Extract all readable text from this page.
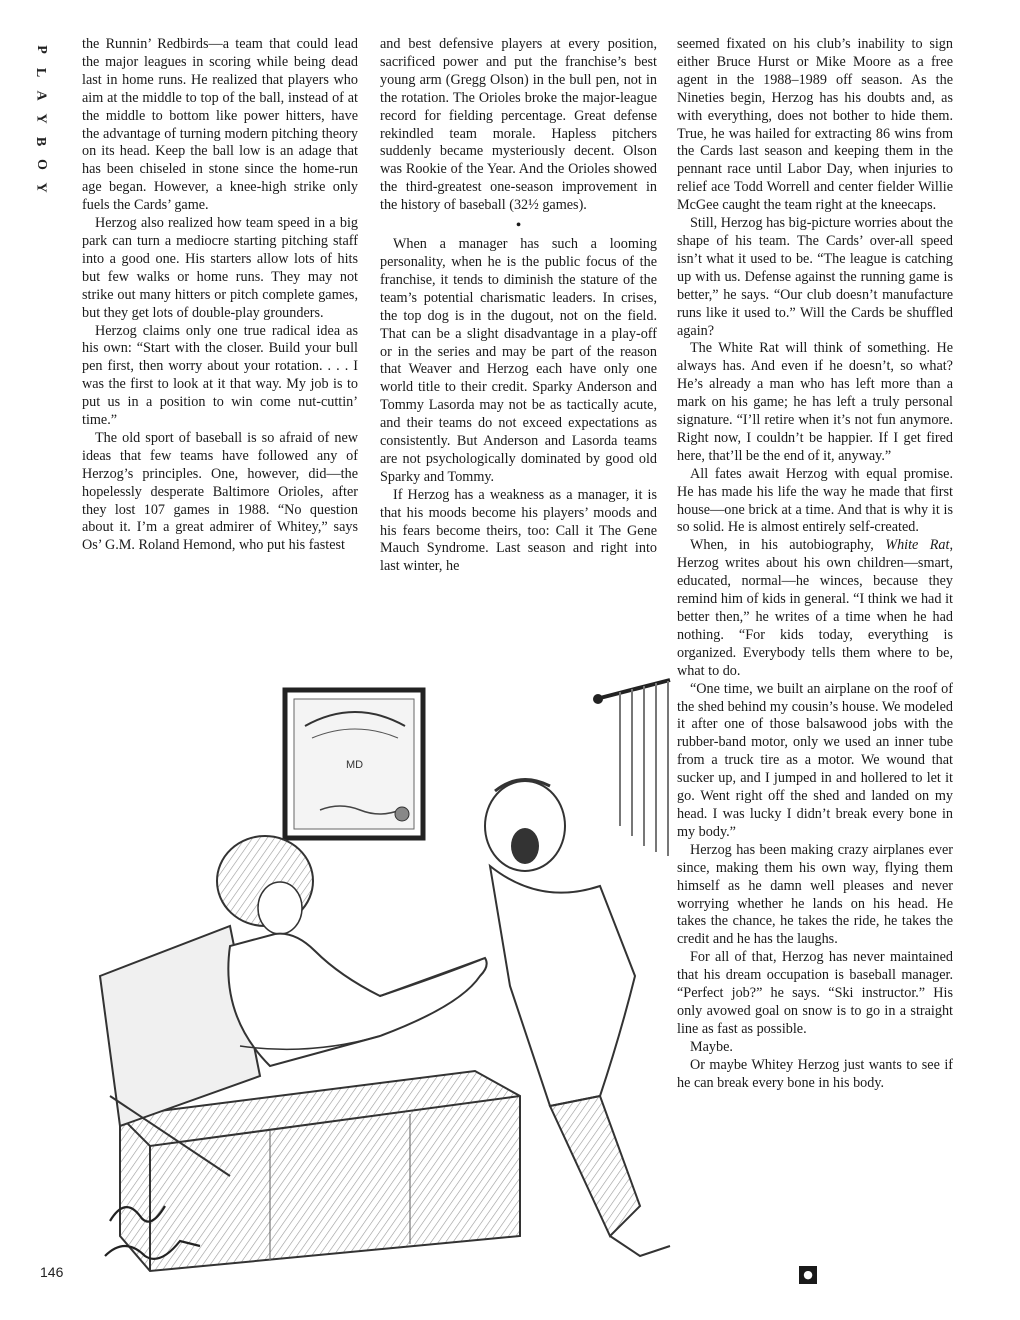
P
L
A
Y
B
O
Y

the Runnin’ Redbirds—a team that could lead the major leagues in scoring while being dead last in home runs. He realized that players who aim at the middle to top of the ball, instead of at the middle to bottom like power hitters, have the advantage of turning modern pitching theory on its head. Keep the ball low is an adage that has been chiseled in stone since the home-run age began. However, a knee-high strike only fuels the Cards’ game.

Herzog also realized how team speed in a big park can turn a mediocre starting pitching staff into a good one. His starters allow lots of hits but few walks or home runs. They may not strike out many hitters or pitch complete games, but they get lots of double-play grounders.

Herzog claims only one true radical idea as his own: “Start with the closer. Build your bull pen first, then worry about your rotation. . . . I was the first to look at it that way. My job is to put us in a position to win come nut-cuttin’ time.”

The old sport of baseball is so afraid of new ideas that few teams have followed any of Herzog’s principles. One, however, did—the hopelessly desperate Baltimore Orioles, after they lost 107 games in 1988. “No question about it. I’m a great admirer of Whitey,” says Os’ G.M. Roland Hemond, who put his fastest

and best defensive players at every position, sacrificed power and put the franchise’s best young arm (Gregg Olson) in the bull pen, not in the rotation. The Orioles broke the major-league record for fielding percentage. Great defense rekindled team morale. Hapless pitchers suddenly became mysteriously decent. Olson was Rookie of the Year. And the Orioles showed the third-greatest one-season improvement in the history of baseball (32½ games).

•

When a manager has such a looming personality, when he is the public focus of the franchise, it tends to diminish the stature of the team’s potential charismatic leaders. In crises, the top dog is in the dugout, not on the field. That can be a slight disadvantage in a play-off or in the series and may be part of the reason that Weaver and Herzog each have only one world title to their credit. Sparky Anderson and Tommy Lasorda may not be as tactically acute, and their teams do not exceed expectations as consistently. But Anderson and Lasorda teams are not psychologically dominated by good old Sparky and Tommy.

If Herzog has a weakness as a manager, it is that his moods become his players’ moods and his fears become theirs, too: Call it The Gene Mauch Syndrome. Last season and right into last winter, he

seemed fixated on his club’s inability to sign either Bruce Hurst or Mike Moore as a free agent in the 1988–1989 off season. As the Nineties begin, Herzog has his doubts and, as with everything, does not bother to hide them. True, he was hailed for extracting 86 wins from the Cards last season and keeping them in the pennant race until Labor Day, when injuries to relief ace Todd Worrell and center fielder Willie McGee caught the team right at the kneecaps.

Still, Herzog has big-picture worries about the shape of his team. The Cards’ over-all speed isn’t what it used to be. “The league is catching up with us. Defense against the running game is better,” he says. “Our club doesn’t manufacture runs like it used to.” Will the Cards be shuffled again?

The White Rat will think of something. He always has. And even if he doesn’t, so what? He’s already a man who has left more than a mark on his game; he has left a truly personal signature. “I’ll retire when it’s not fun anymore. Right now, I couldn’t be happier. If I get fired here, that’ll be the end of it, anyway.”

All fates await Herzog with equal promise. He has made his life the way he made that first house—one brick at a time. And that is why it is so solid. He is almost entirely self-created.

When, in his autobiography, White Rat, Herzog writes about his own children—smart, educated, normal—he winces, because they remind him of kids in general. “I think we had it better then,” he writes of a time when he had nothing. “For kids today, everything is organized. Everybody tells them where to be, what to do.

“One time, we built an airplane on the roof of the shed behind my cousin’s house. We modeled it after one of those balsawood jobs with the rubber-band motor, only we used an inner tube from a truck tire as a motor. We wound that sucker up, and I jumped in and hollered to let it go. Went right off the shed and landed on my head. I was lucky I didn’t break every bone in my body.”

Herzog has been making crazy airplanes ever since, making them his own way, flying them himself as he damn well pleases and never worrying whether he lands on his head. He takes the chance, he takes the ride, he takes the credit and he has the laughs.

For all of that, Herzog has never maintained that his dream occupation is baseball manager. “Perfect job?” he says. “Ski instructor.” His only avowed goal on snow is to go in a straight line as fast as possible.

Maybe.

Or maybe Whitey Herzog just wants to see if he can break every bone in his body.

MD
Don Orehek
146	●
